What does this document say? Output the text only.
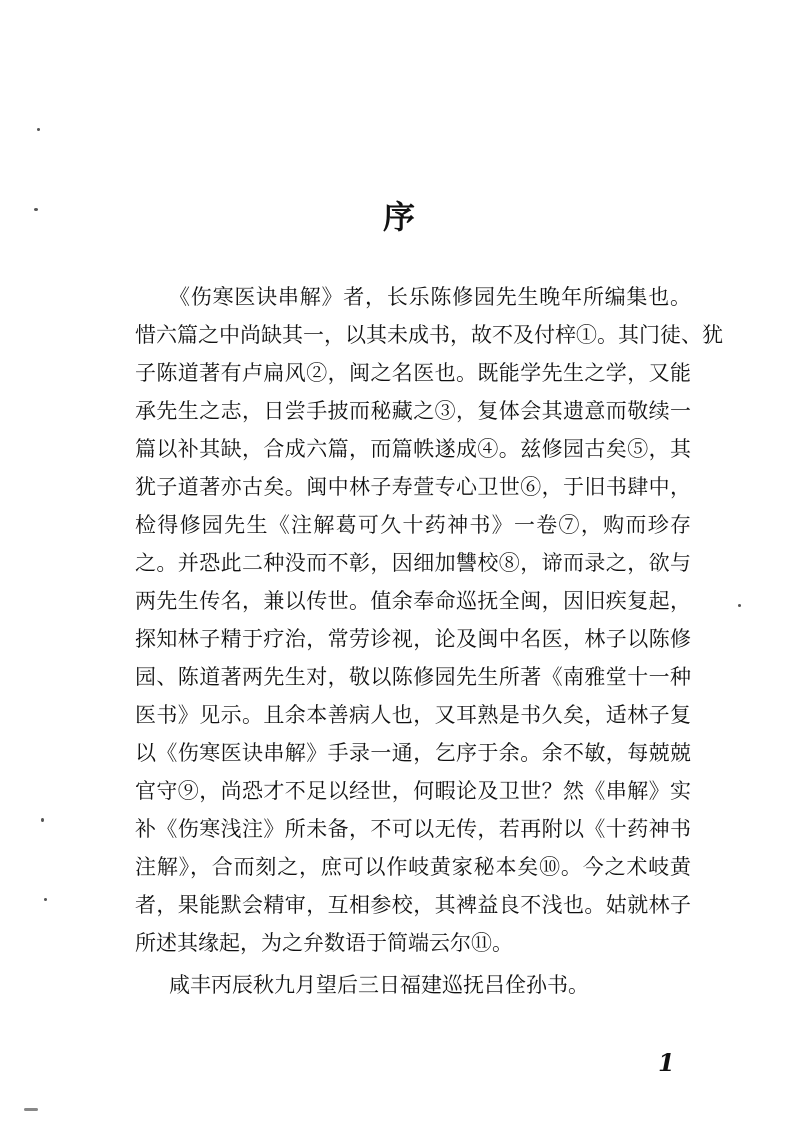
序
《伤寒医诀串解》者，长乐陈修园先生晚年所编集也。
惜六篇之中尚缺其一，以其未成书，故不及付梓①。其门徒、犹
子陈道著有卢扁风②，闽之名医也。既能学先生之学，又能
承先生之志，日尝手披而秘藏之③，复体会其遗意而敬续一
篇以补其缺，合成六篇，而篇帙遂成④。兹修园古矣⑤，其
犹子道著亦古矣。闽中林子寿萱专心卫世⑥，于旧书肆中，
检得修园先生《注解葛可久十药神书》一卷⑦，购而珍存
之。并恐此二种没而不彰，因细加讐校⑧，谛而录之，欲与
两先生传名，兼以传世。值余奉命巡抚全闽，因旧疾复起，
探知林子精于疗治，常劳诊视，论及闽中名医，林子以陈修
园、陈道著两先生对，敬以陈修园先生所著《南雅堂十一种
医书》见示。且余本善病人也，又耳熟是书久矣，适林子复
以《伤寒医诀串解》手录一通，乞序于余。余不敏，每兢兢
官守⑨，尚恐才不足以经世，何暇论及卫世？然《串解》实
补《伤寒浅注》所未备，不可以无传，若再附以《十药神书
注解》，合而刻之，庶可以作岐黄家秘本矣⑩。今之术岐黄
者，果能默会精审，互相参校，其裨益良不浅也。姑就林子
所述其缘起，为之弁数语于简端云尔⑪。
咸丰丙辰秋九月望后三日福建巡抚吕佺孙书。
1
